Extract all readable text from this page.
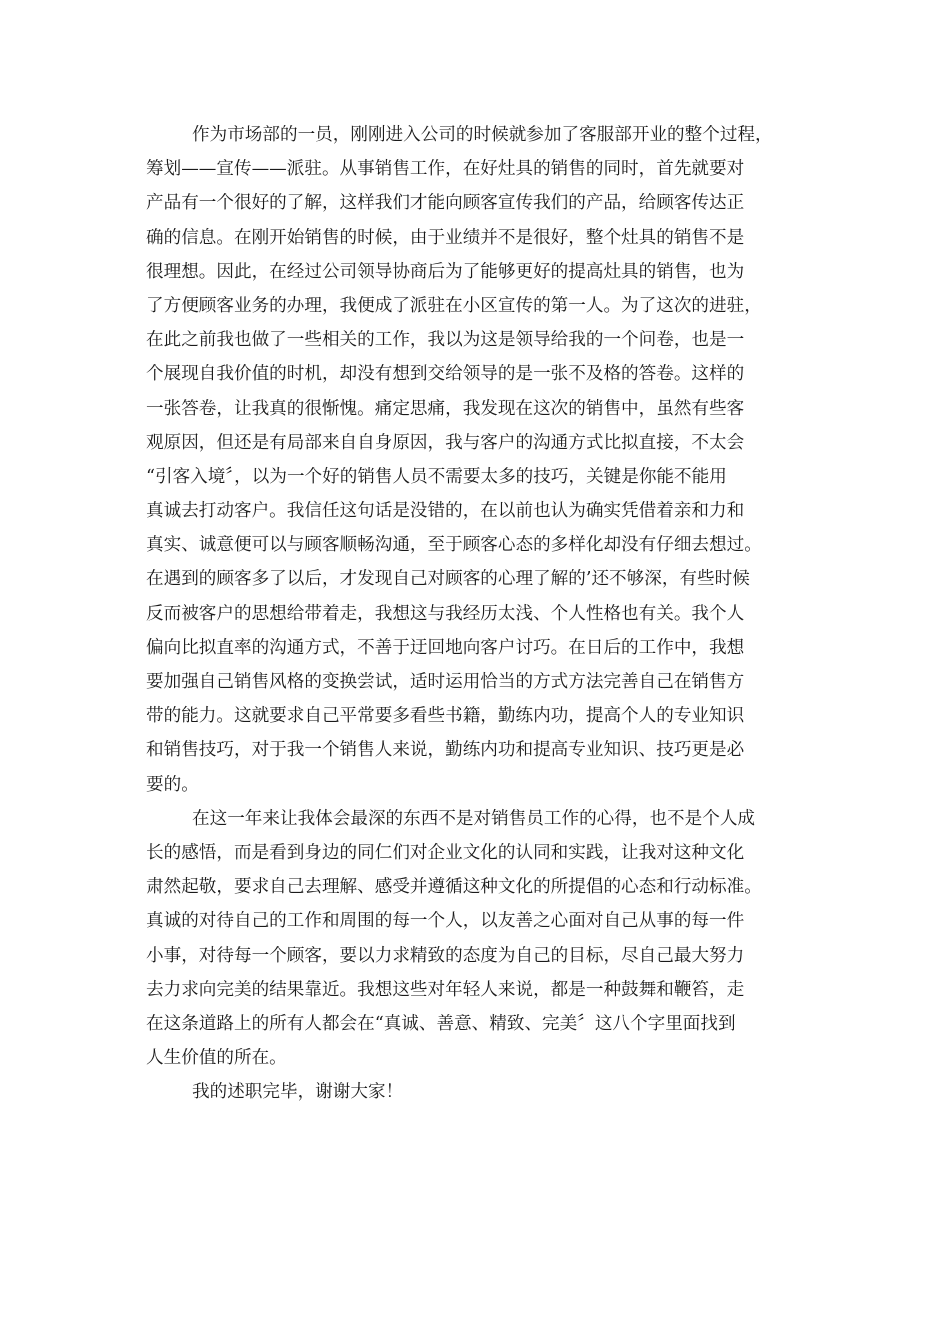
作为市场部的一员，刚刚进入公司的时候就参加了客服部开业的整个过程，
筹划——宣传——派驻。从事销售工作，在好灶具的销售的同时，首先就要对
产品有一个很好的了解，这样我们才能向顾客宣传我们的产品，给顾客传达正
确的信息。在刚开始销售的时候，由于业绩并不是很好，整个灶具的销售不是
很理想。因此，在经过公司领导协商后为了能够更好的提高灶具的销售，也为
了方便顾客业务的办理，我便成了派驻在小区宣传的第一人。为了这次的进驻，
在此之前我也做了一些相关的工作，我以为这是领导给我的一个问卷，也是一
个展现自我价值的时机，却没有想到交给领导的是一张不及格的答卷。这样的
一张答卷，让我真的很惭愧。痛定思痛，我发现在这次的销售中，虽然有些客
观原因，但还是有局部来自自身原因，我与客户的沟通方式比拟直接，不太会
“引客入境〞，以为一个好的销售人员不需要太多的技巧，关键是你能不能用
真诚去打动客户。我信任这句话是没错的，在以前也认为确实凭借着亲和力和
真实、诚意便可以与顾客顺畅沟通，至于顾客心态的多样化却没有仔细去想过。
在遇到的顾客多了以后，才发现自己对顾客的心理了解的’还不够深，有些时候
反而被客户的思想给带着走，我想这与我经历太浅、个人性格也有关。我个人
偏向比拟直率的沟通方式，不善于迂回地向客户讨巧。在日后的工作中，我想
要加强自己销售风格的变换尝试，适时运用恰当的方式方法完善自己在销售方
带的能力。这就要求自己平常要多看些书籍，勤练内功，提高个人的专业知识
和销售技巧，对于我一个销售人来说，勤练内功和提高专业知识、技巧更是必
要的。
在这一年来让我体会最深的东西不是对销售员工作的心得，也不是个人成
长的感悟，而是看到身边的同仁们对企业文化的认同和实践，让我对这种文化
肃然起敬，要求自己去理解、感受并遵循这种文化的所提倡的心态和行动标准。
真诚的对待自己的工作和周围的每一个人，以友善之心面对自己从事的每一件
小事，对待每一个顾客，要以力求精致的态度为自己的目标，尽自己最大努力
去力求向完美的结果靠近。我想这些对年轻人来说，都是一种鼓舞和鞭笞，走
在这条道路上的所有人都会在“真诚、善意、精致、完美〞这八个字里面找到
人生价值的所在。
我的述职完毕，谢谢大家！
